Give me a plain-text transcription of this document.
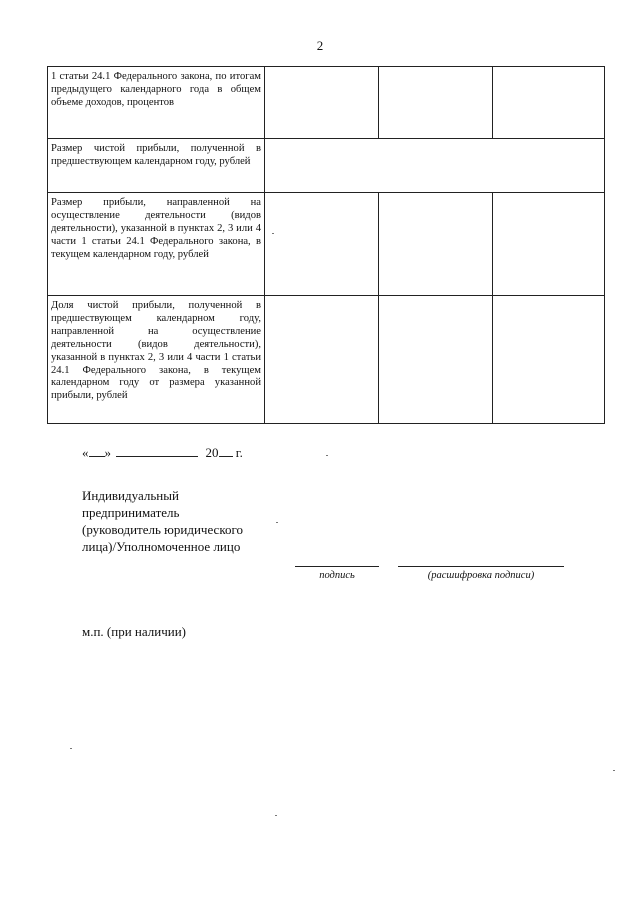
2
1 статьи 24.1 Федерального закона, по итогам предыдущего календарного года в общем объеме доходов, процентов			
Размер чистой прибыли, полученной в предшествующем календарном году, рублей			
Размер прибыли, направленной на осуществление деятельности (видов деятельности), указанной в пунктах 2, 3 или 4 части 1 статьи 24.1 Федерального закона, в текущем календарном году, рублей			
Доля чистой прибыли, полученной в предшествующем календарном году, направленной на осуществление деятельности (видов деятельности), указанной в пунктах 2, 3 или 4 части 1 статьи 24.1 Федерального закона, в текущем календарном году от размера указанной прибыли, рублей			
« »	20 г.
Индивидуальный
предприниматель
(руководитель юридического
лица)/Уполномоченное лицо
подпись	(расшифровка подписи)
м.п. (при наличии)
